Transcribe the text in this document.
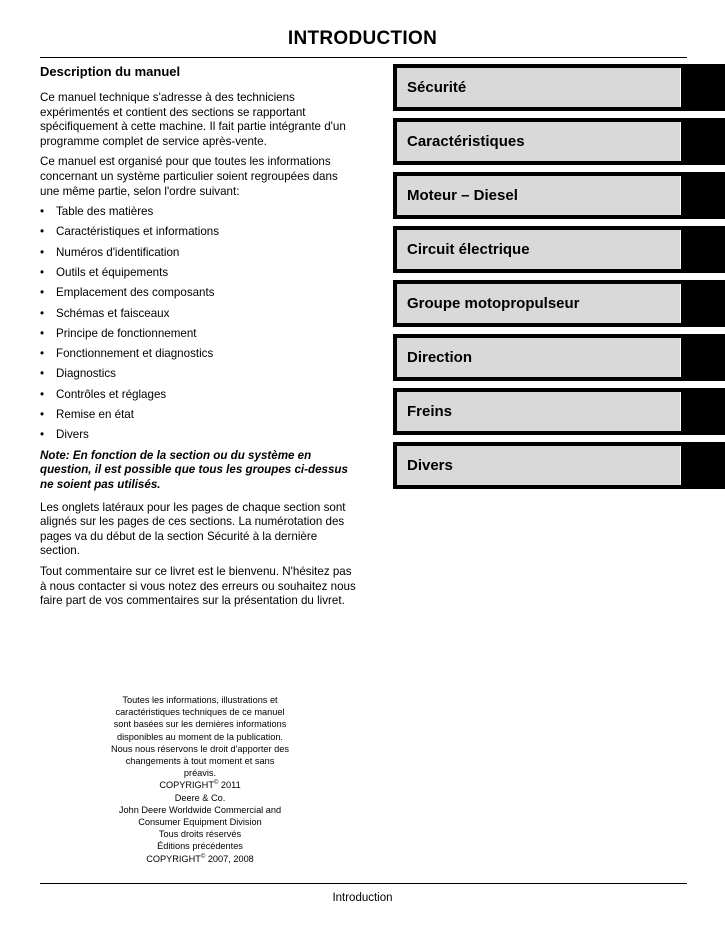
INTRODUCTION
Description du manuel

Ce manuel technique s'adresse à des techniciens expérimentés et contient des sections se rapportant spécifiquement à cette machine. Il fait partie intégrante d'un programme complet de service après-vente.

Ce manuel est organisé pour que toutes les informations concernant un système particulier soient regroupées dans une même partie, selon l'ordre suivant:

• Table des matières
• Caractéristiques et informations
• Numéros d'identification
• Outils et équipements
• Emplacement des composants
• Schémas et faisceaux
• Principe de fonctionnement
• Fonctionnement et diagnostics
• Diagnostics
• Contrôles et réglages
• Remise en état
• Divers

Note: En fonction de la section ou du système en question, il est possible que tous les groupes ci-dessus ne soient pas utilisés.

Les onglets latéraux pour les pages de chaque section sont alignés sur les pages de ces sections. La numérotation des pages va du début de la section Sécurité à la dernière section.

Tout commentaire sur ce livret est le bienvenu. N'hésitez pas à nous contacter si vous notez des erreurs ou souhaitez nous faire part de vos commentaires sur la présentation du livret.

Sécurité
Caractéristiques
Moteur – Diesel
Circuit électrique
Groupe motopropulseur
Direction
Freins
Divers
Toutes les informations, illustrations et caractéristiques techniques de ce manuel sont basées sur les dernières informations disponibles au moment de la publication. Nous nous réservons le droit d'apporter des changements à tout moment et sans préavis.
COPYRIGHT© 2011
Deere & Co.
John Deere Worldwide Commercial and
Consumer Equipment Division
Tous droits réservés
Éditions précédentes
COPYRIGHT© 2007, 2008
Introduction
